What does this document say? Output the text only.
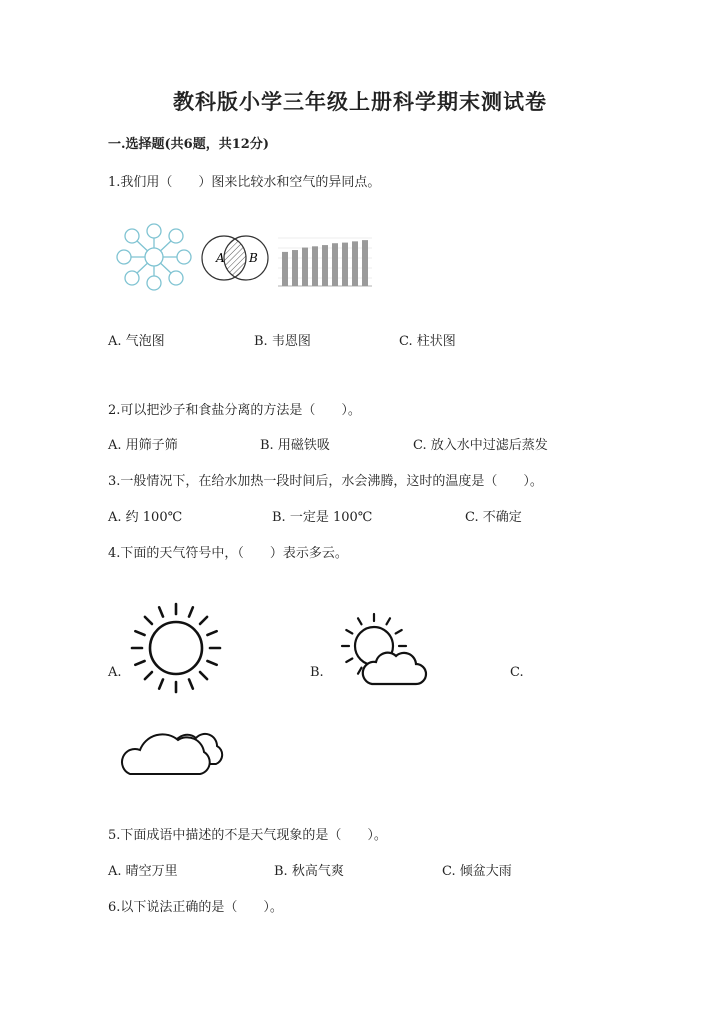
教科版小学三年级上册科学期末测试卷
一.选择题(共6题，共12分)
1.我们用（　　）图来比较水和空气的异同点。
A B
A. 气泡图	B. 韦恩图	C. 柱状图
2.可以把沙子和食盐分离的方法是（　　）。
A. 用筛子筛	B. 用磁铁吸	C. 放入水中过滤后蒸发
3.一般情况下，在给水加热一段时间后，水会沸腾，这时的温度是（　　）。
A. 约 100℃	B. 一定是 100℃	C. 不确定
4.下面的天气符号中，（　　）表示多云。
A.	B.	C.
5.下面成语中描述的不是天气现象的是（　　）。
A. 晴空万里	B. 秋高气爽	C. 倾盆大雨
6.以下说法正确的是（　　）。
